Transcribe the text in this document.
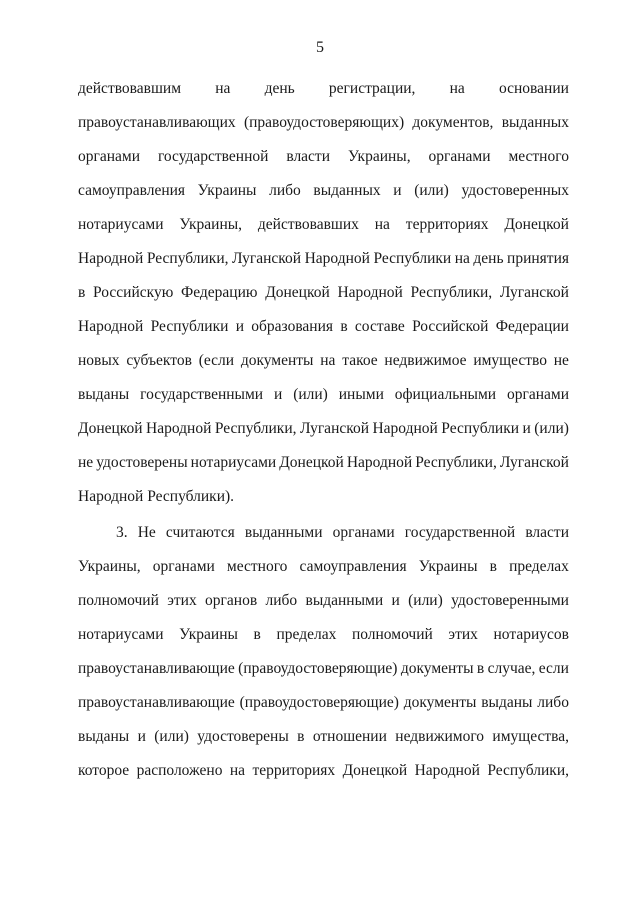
5
действовавшим на день регистрации, на основании
правоустанавливающих (правоудостоверяющих) документов, выданных
органами государственной власти Украины, органами местного
самоуправления Украины либо выданных и (или) удостоверенных
нотариусами Украины, действовавших на территориях Донецкой
Народной Республики, Луганской Народной Республики на день принятия
в Российскую Федерацию Донецкой Народной Республики, Луганской
Народной Республики и образования в составе Российской Федерации
новых субъектов (если документы на такое недвижимое имущество не
выданы государственными и (или) иными официальными органами
Донецкой Народной Республики, Луганской Народной Республики и (или)
не удостоверены нотариусами Донецкой Народной Республики, Луганской
Народной Республики).
3. Не считаются выданными органами государственной власти
Украины, органами местного самоуправления Украины в пределах
полномочий этих органов либо выданными и (или) удостоверенными
нотариусами Украины в пределах полномочий этих нотариусов
правоустанавливающие (правоудостоверяющие) документы в случае, если
правоустанавливающие (правоудостоверяющие) документы выданы либо
выданы и (или) удостоверены в отношении недвижимого имущества,
которое расположено на территориях Донецкой Народной Республики,
